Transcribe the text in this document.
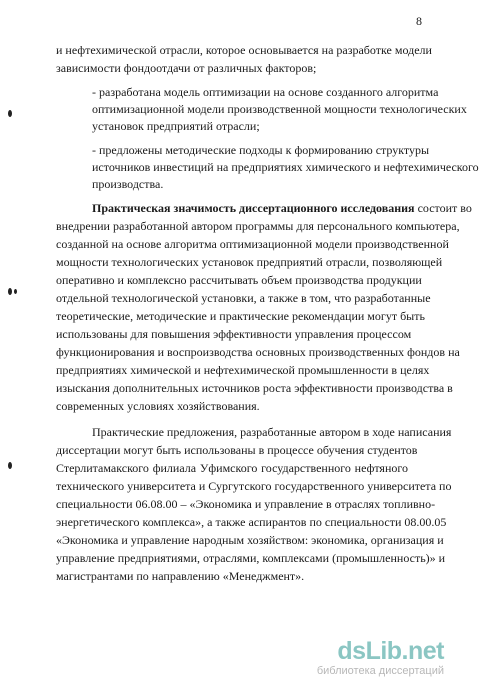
8
и нефтехимической отрасли, которое основывается на разработке модели
зависимости фондоотдачи от различных факторов;
- разработана модель оптимизации на основе созданного алгоритма
оптимизационной модели производственной мощности технологических
установок предприятий отрасли;
- предложены методические подходы к формированию структуры
источников инвестиций на предприятиях химического и нефтехимического
производства.
Практическая значимость диссертационного исследования состоит во
внедрении разработанной автором программы для персонального компьютера,
созданной на основе алгоритма оптимизационной модели производственной
мощности технологических установок предприятий отрасли, позволяющей
оперативно и комплексно рассчитывать объем производства продукции
отдельной технологической установки, а также в том, что разработанные
теоретические, методические и практические рекомендации могут быть
использованы для повышения эффективности управления процессом
функционирования и воспроизводства основных производственных фондов на
предприятиях химической и нефтехимической промышленности в целях
изыскания дополнительных источников роста эффективности производства в
современных условиях хозяйствования.
Практические предложения, разработанные автором в ходе написания
диссертации могут быть использованы в процессе обучения студентов
Стерлитамакского филиала Уфимского государственного нефтяного
технического университета и Сургутского государственного университета по
специальности 06.08.00 – «Экономика и управление в отраслях топливно-
энергетического комплекса», а также аспирантов по специальности 08.00.05
«Экономика и управление народным хозяйством: экономика, организация и
управление предприятиями, отраслями, комплексами (промышленность)» и
магистрантами по направлению «Менеджмент».
dsLib.net
библиотека диссертаций
